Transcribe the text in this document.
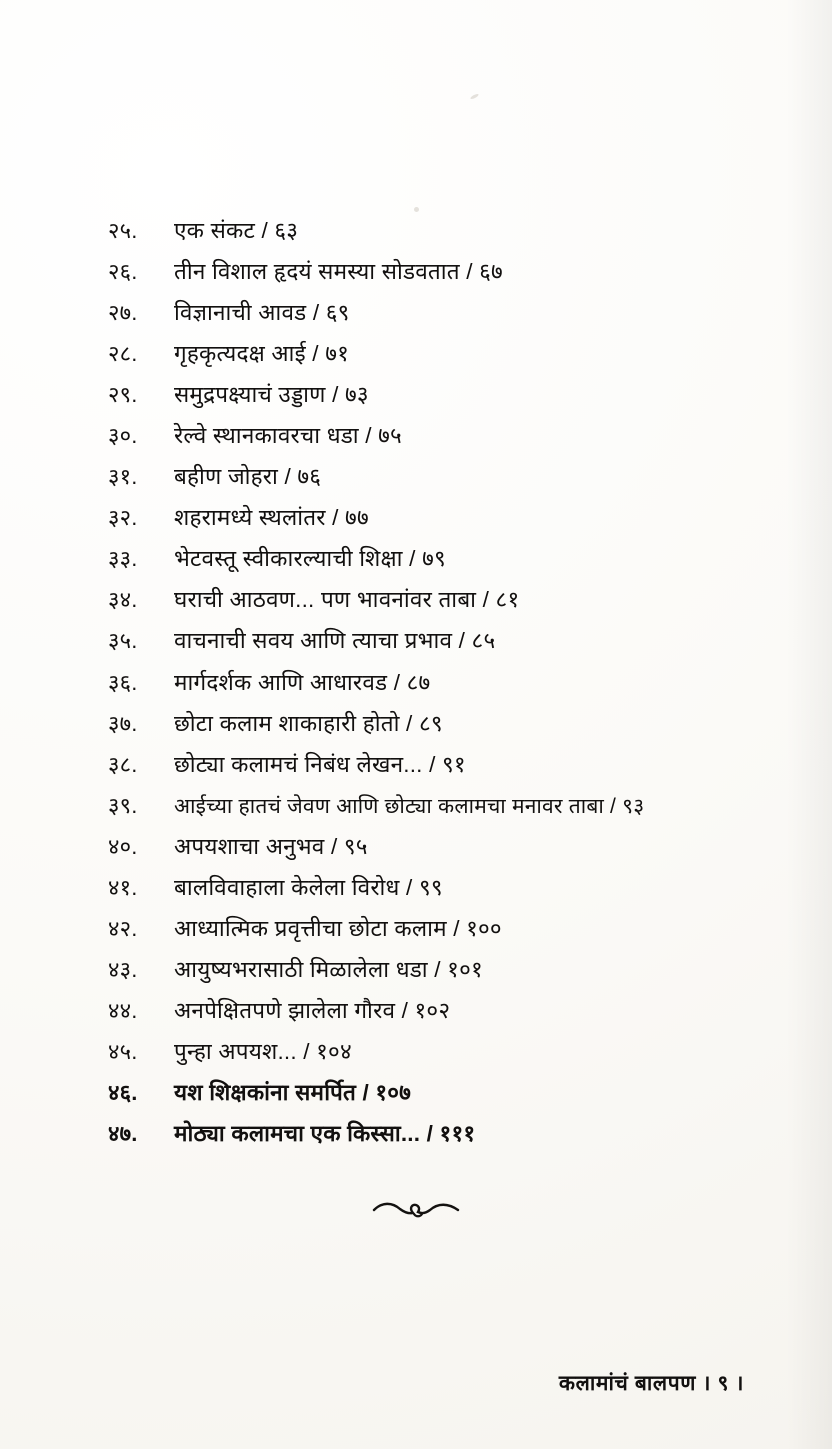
२५.	एक संकट / ६३
२६.	तीन विशाल हृदयं समस्या सोडवतात / ६७
२७.	विज्ञानाची आवड / ६९
२८.	गृहकृत्यदक्ष आई / ७१
२९.	समुद्रपक्ष्याचं उड्डाण / ७३
३०.	रेल्वे स्थानकावरचा धडा / ७५
३१.	बहीण जोहरा / ७६
३२.	शहरामध्ये स्थलांतर / ७७
३३.	भेटवस्तू स्वीकारल्याची शिक्षा / ७९
३४.	घराची आठवण... पण भावनांवर ताबा / ८१
३५.	वाचनाची सवय आणि त्याचा प्रभाव / ८५
३६.	मार्गदर्शक आणि आधारवड / ८७
३७.	छोटा कलाम शाकाहारी होतो / ८९
३८.	छोट्या कलामचं निबंध लेखन... / ९१
३९.	आईच्या हातचं जेवण आणि छोट्या कलामचा मनावर ताबा / ९३
४०.	अपयशाचा अनुभव / ९५
४१.	बालविवाहाला केलेला विरोध / ९९
४२.	आध्यात्मिक प्रवृत्तीचा छोटा कलाम / १००
४३.	आयुष्यभरासाठी मिळालेला धडा / १०१
४४.	अनपेक्षितपणे झालेला गौरव / १०२
४५.	पुन्हा अपयश... / १०४
४६.	यश शिक्षकांना समर्पित / १०७
४७.	मोठ्या कलामचा एक किस्सा... / १११
कलामांचं बालपण । ९ ।
